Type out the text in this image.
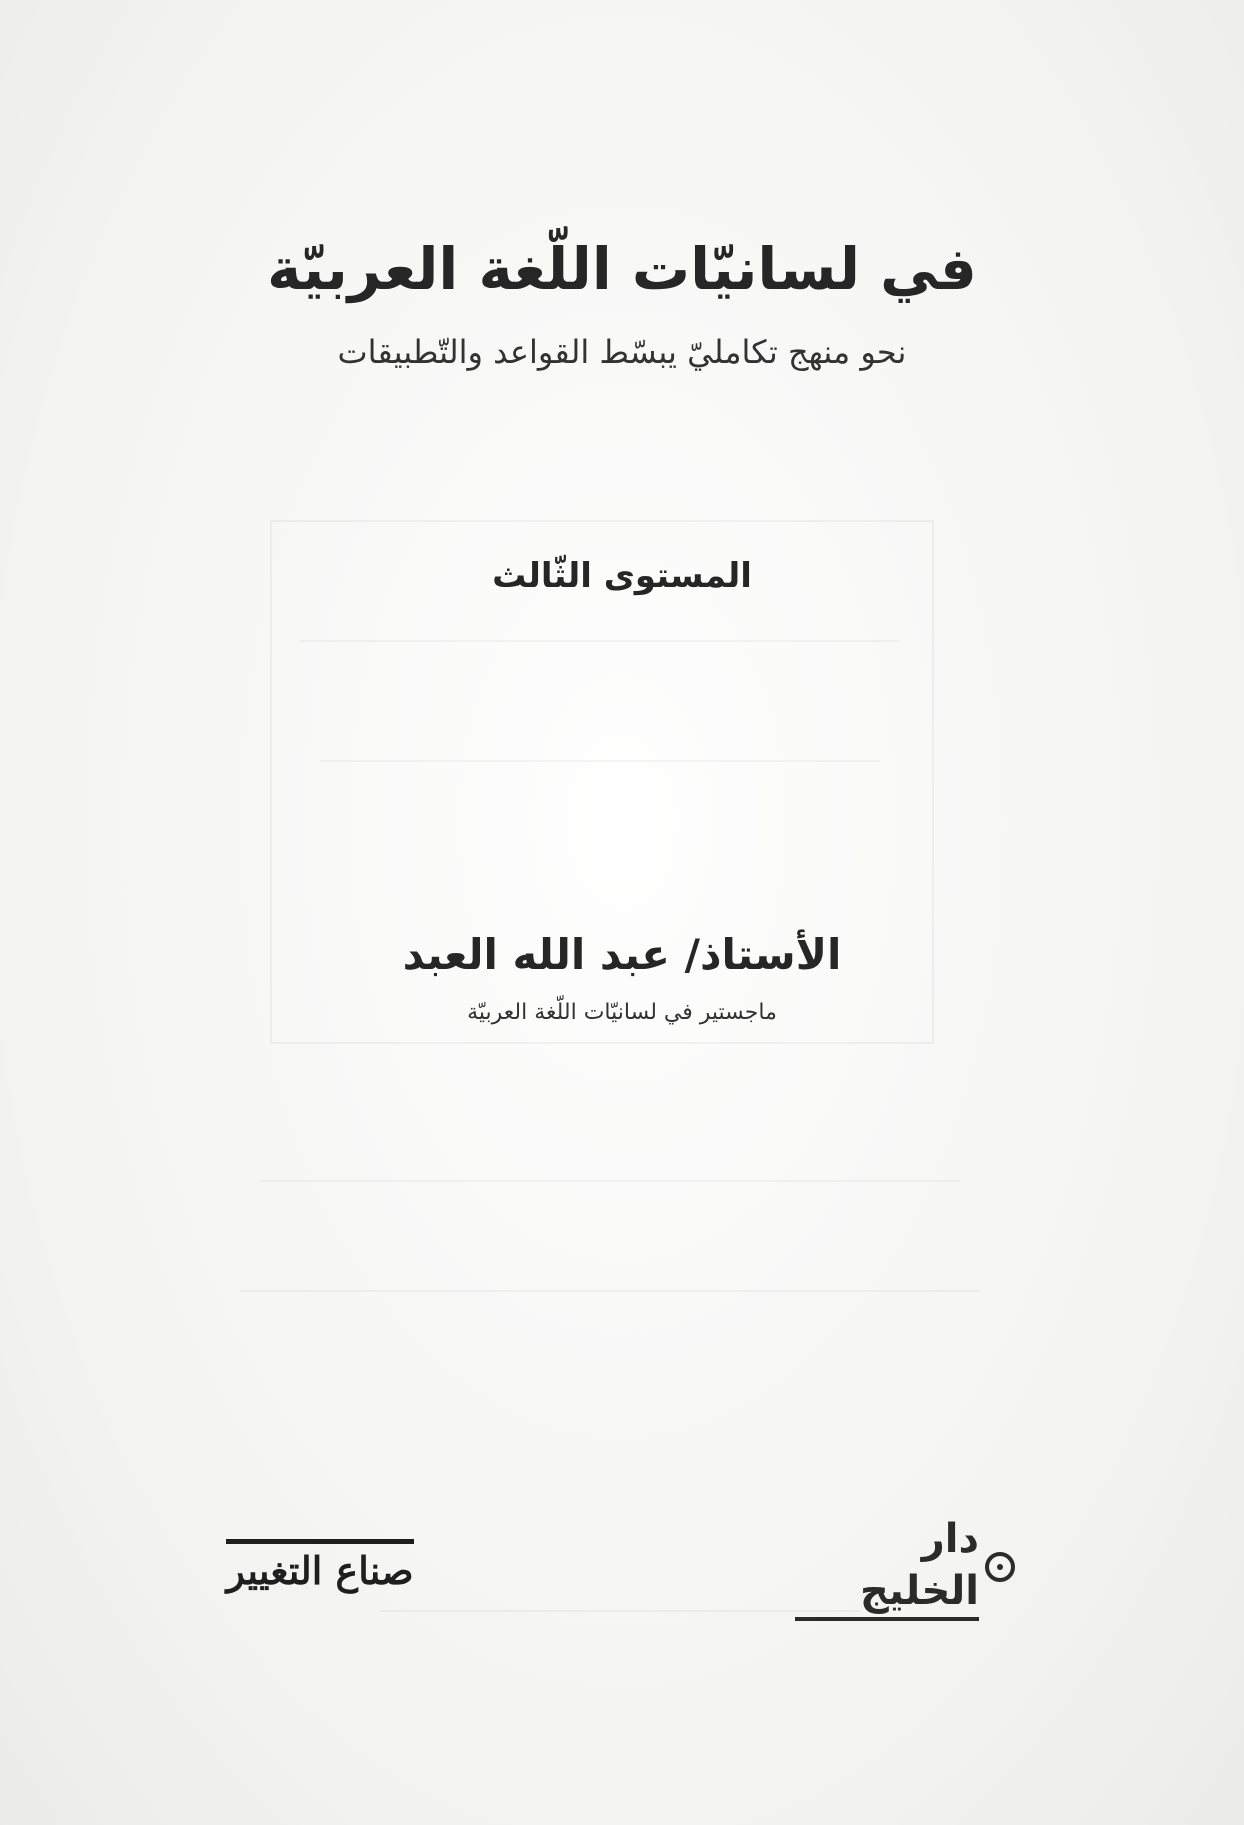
في لسانيّات اللّغة العربيّة
نحو منهج تكامليّ يبسّط القواعد والتّطبيقات
المستوى الثّالث
الأستاذ/ عبد الله العبد
ماجستير في لسانيّات اللّغة العربيّة
دار الخليج
صناع التغيير
